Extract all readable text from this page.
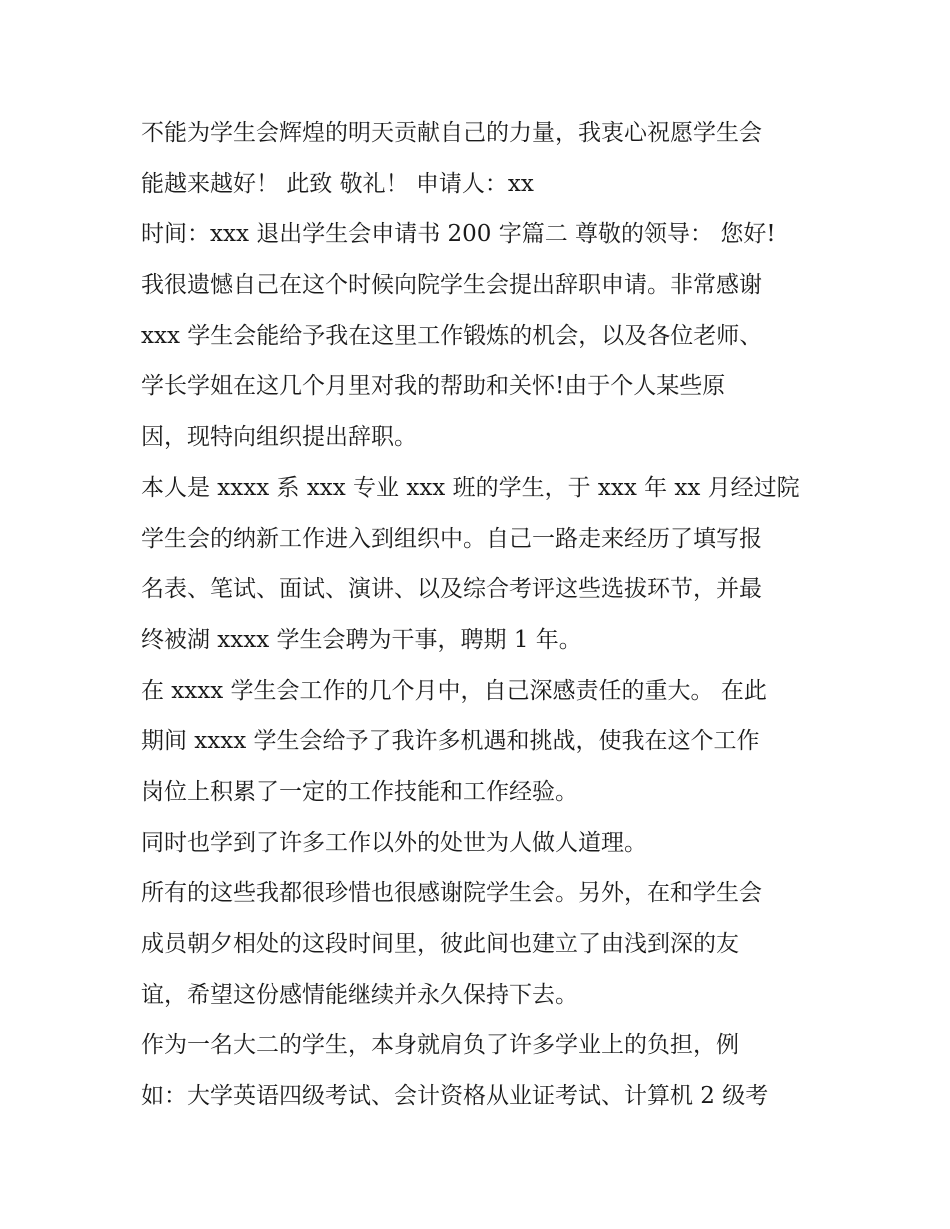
不能为学生会辉煌的明天贡献自己的力量，我衷心祝愿学生会

能越来越好！ 此致 敬礼！ 申请人：xx

时间：xxx 退出学生会申请书 200 字篇二 尊敬的领导： 您好!

我很遗憾自己在这个时候向院学生会提出辞职申请。非常感谢

xxx 学生会能给予我在这里工作锻炼的机会，以及各位老师、

学长学姐在这几个月里对我的帮助和关怀!由于个人某些原

因，现特向组织提出辞职。

本人是 xxxx 系 xxx 专业 xxx 班的学生，于 xxx 年 xx 月经过院

学生会的纳新工作进入到组织中。自己一路走来经历了填写报

名表、笔试、面试、演讲、以及综合考评这些选拔环节，并最

终被湖 xxxx 学生会聘为干事，聘期 1 年。

在 xxxx 学生会工作的几个月中，自己深感责任的重大。 在此

期间 xxxx 学生会给予了我许多机遇和挑战，使我在这个工作

岗位上积累了一定的工作技能和工作经验。

同时也学到了许多工作以外的处世为人做人道理。

所有的这些我都很珍惜也很感谢院学生会。另外，在和学生会

成员朝夕相处的这段时间里，彼此间也建立了由浅到深的友

谊，希望这份感情能继续并永久保持下去。

作为一名大二的学生，本身就肩负了许多学业上的负担，例

如：大学英语四级考试、会计资格从业证考试、计算机 2 级考
